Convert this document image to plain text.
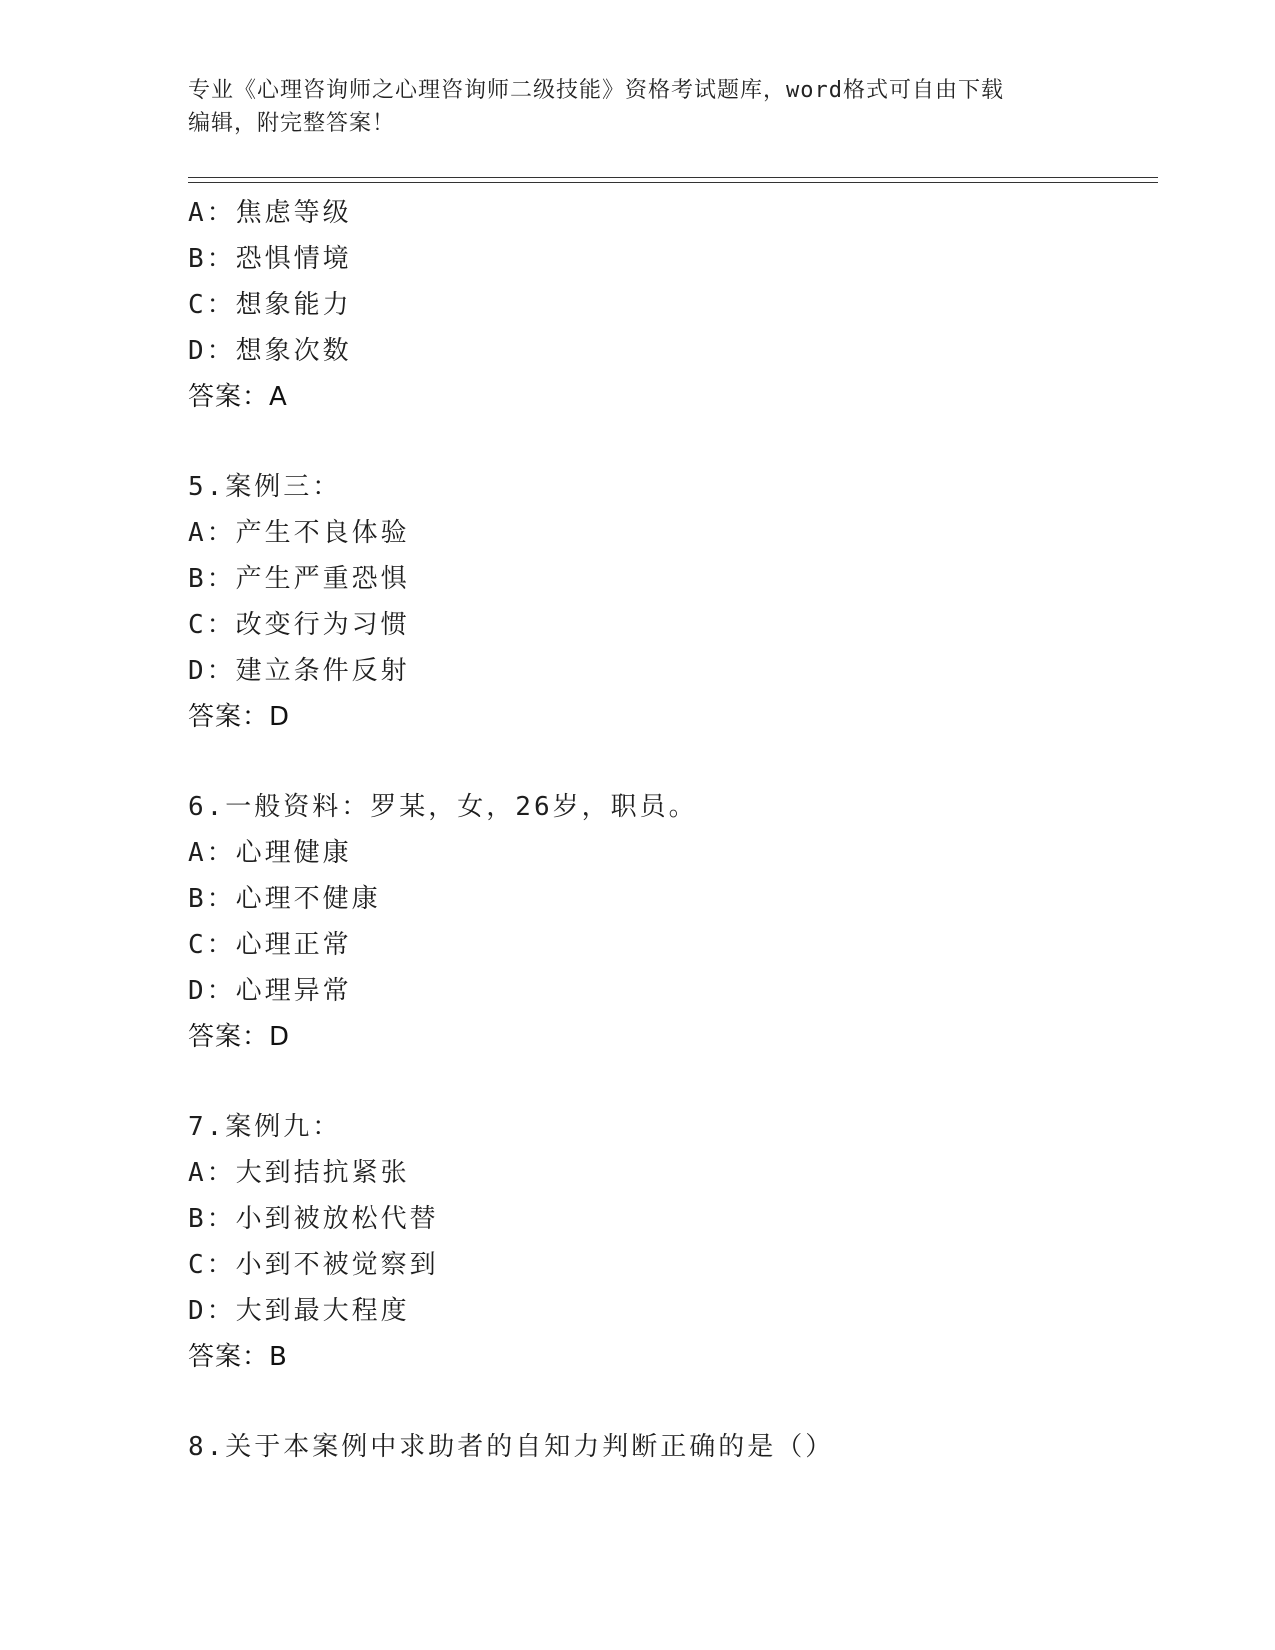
专业《心理咨询师之心理咨询师二级技能》资格考试题库，word格式可自由下载
编辑，附完整答案！
A：焦虑等级
B：恐惧情境
C：想象能力
D：想象次数
答案：A
5.案例三：
A：产生不良体验
B：产生严重恐惧
C：改变行为习惯
D：建立条件反射
答案：D
6.一般资料：罗某，女，26岁，职员。
A：心理健康
B：心理不健康
C：心理正常
D：心理异常
答案：D
7.案例九：
A：大到拮抗紧张
B：小到被放松代替
C：小到不被觉察到
D：大到最大程度
答案：B
8.关于本案例中求助者的自知力判断正确的是（）
